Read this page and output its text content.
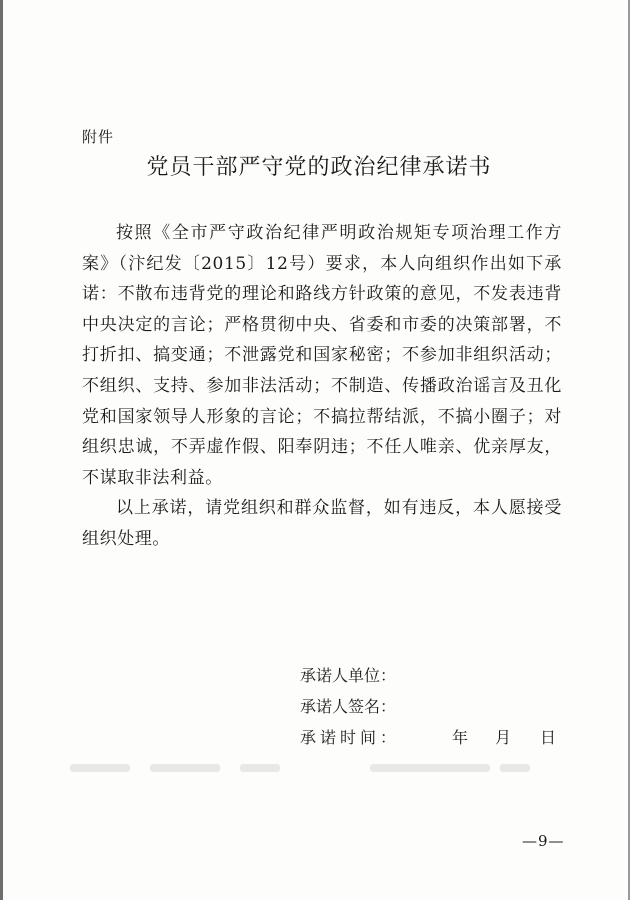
附件
党员干部严守党的政治纪律承诺书

按照《全市严守政治纪律严明政治规矩专项治理工作方案》（汴纪发〔2015〕12号）要求，本人向组织作出如下承诺：不散布违背党的理论和路线方针政策的意见，不发表违背中央决定的言论；严格贯彻中央、省委和市委的决策部署，不打折扣、搞变通；不泄露党和国家秘密；不参加非组织活动；不组织、支持、参加非法活动；不制造、传播政治谣言及丑化党和国家领导人形象的言论；不搞拉帮结派，不搞小圈子；对组织忠诚，不弄虚作假、阳奉阴违；不任人唯亲、优亲厚友，不谋取非法利益。

以上承诺，请党组织和群众监督，如有违反，本人愿接受组织处理。

承诺人单位：
承诺人签名：
承诺时间：	年 月 日
—9—
